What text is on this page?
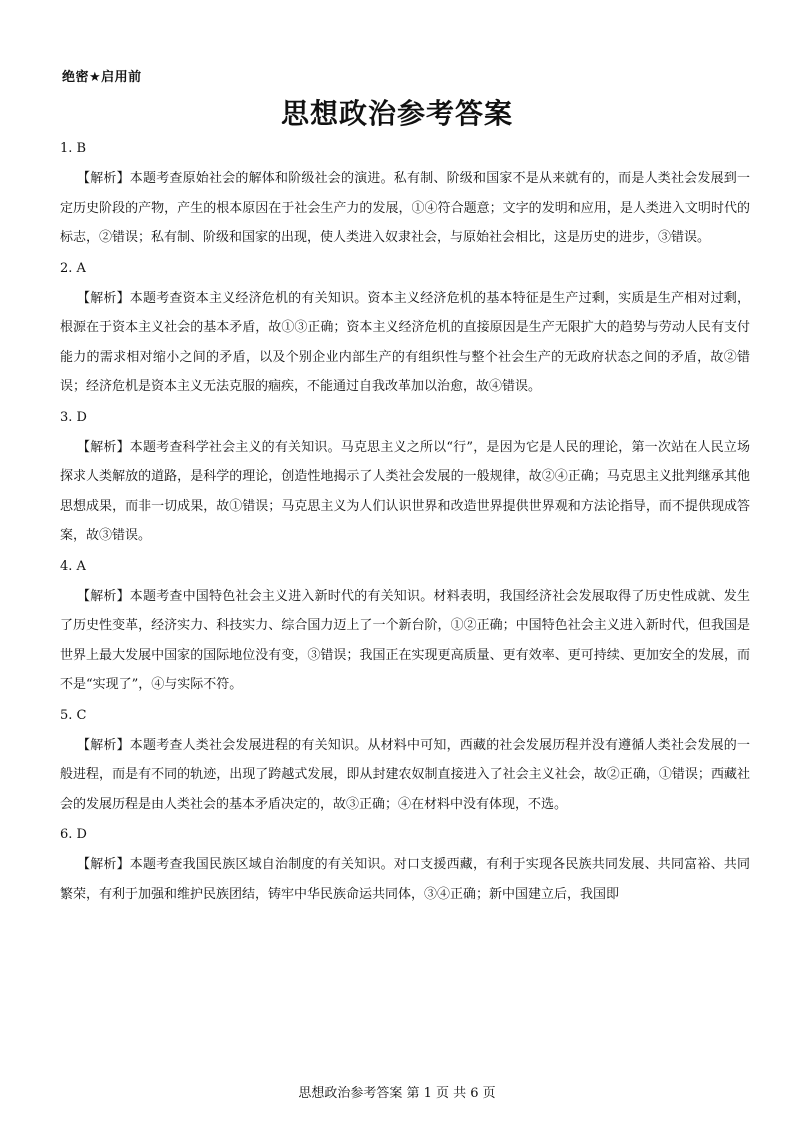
绝密★启用前
思想政治参考答案

1. B

【解析】本题考查原始社会的解体和阶级社会的演进。私有制、阶级和国家不是从来就有的，而是人类社会发展到一定历史阶段的产物，产生的根本原因在于社会生产力的发展，①④符合题意；文字的发明和应用，是人类进入文明时代的标志，②错误；私有制、阶级和国家的出现，使人类进入奴隶社会，与原始社会相比，这是历史的进步，③错误。

2. A

【解析】本题考查资本主义经济危机的有关知识。资本主义经济危机的基本特征是生产过剩，实质是生产相对过剩，根源在于资本主义社会的基本矛盾，故①③正确；资本主义经济危机的直接原因是生产无限扩大的趋势与劳动人民有支付能力的需求相对缩小之间的矛盾，以及个别企业内部生产的有组织性与整个社会生产的无政府状态之间的矛盾，故②错误；经济危机是资本主义无法克服的痼疾，不能通过自我改革加以治愈，故④错误。

3. D

【解析】本题考查科学社会主义的有关知识。马克思主义之所以“行”，是因为它是人民的理论，第一次站在人民立场探求人类解放的道路，是科学的理论，创造性地揭示了人类社会发展的一般规律，故②④正确；马克思主义批判继承其他思想成果，而非一切成果，故①错误；马克思主义为人们认识世界和改造世界提供世界观和方法论指导，而不提供现成答案，故③错误。

4. A

【解析】本题考查中国特色社会主义进入新时代的有关知识。材料表明，我国经济社会发展取得了历史性成就、发生了历史性变革，经济实力、科技实力、综合国力迈上了一个新台阶，①②正确；中国特色社会主义进入新时代，但我国是世界上最大发展中国家的国际地位没有变，③错误；我国正在实现更高质量、更有效率、更可持续、更加安全的发展，而不是“实现了”，④与实际不符。

5. C

【解析】本题考查人类社会发展进程的有关知识。从材料中可知，西藏的社会发展历程并没有遵循人类社会发展的一般进程，而是有不同的轨迹，出现了跨越式发展，即从封建农奴制直接进入了社会主义社会，故②正确，①错误；西藏社会的发展历程是由人类社会的基本矛盾决定的，故③正确；④在材料中没有体现，不选。

6. D

【解析】本题考查我国民族区域自治制度的有关知识。对口支援西藏，有利于实现各民族共同发展、共同富裕、共同繁荣，有利于加强和维护民族团结，铸牢中华民族命运共同体，③④正确；新中国建立后，我国即

思想政治参考答案 第 1 页 共 6 页
